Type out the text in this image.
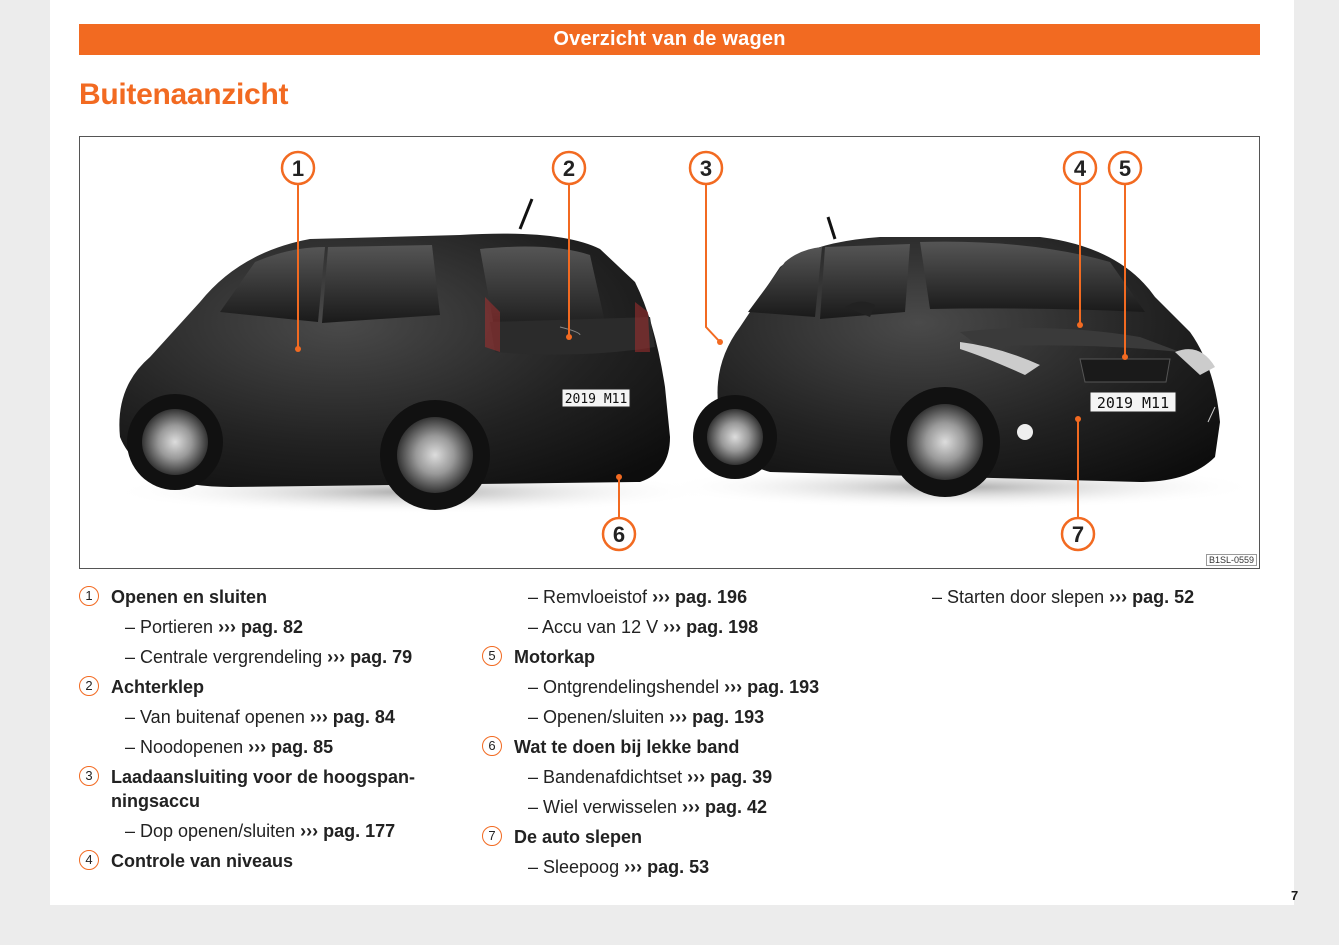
Overzicht van de wagen
Buitenaanzicht
2019 M11	2019 M11
1	2	3	4 5
6	7
B1SL-0559
1	Openen en sluiten
– Portieren ››› pag. 82
– Centrale vergrendeling ››› pag. 79
2	Achterklep
– Van buitenaf openen ››› pag. 84
– Noodopenen ››› pag. 85
3	Laadaansluiting voor de hoogspan-
ningsaccu
– Dop openen/sluiten ››› pag. 177
4	Controle van niveaus
– Remvloeistof ››› pag. 196
– Accu van 12 V ››› pag. 198
5	Motorkap
– Ontgrendelingshendel ››› pag. 193
– Openen/sluiten ››› pag. 193
6	Wat te doen bij lekke band
– Bandenafdichtset ››› pag. 39
– Wiel verwisselen ››› pag. 42
7	De auto slepen
– Sleepoog ››› pag. 53
– Starten door slepen ››› pag. 52
7
